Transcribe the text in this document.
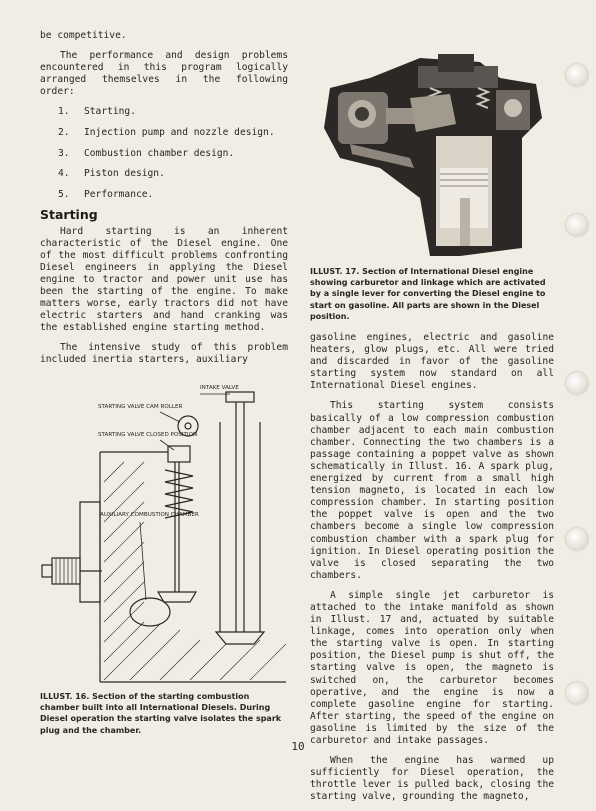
be competitive.

The performance and design problems encountered in this program logically arranged themselves in the following order:

1.	Starting.
2.	Injection pump and nozzle design.
3.	Combustion chamber design.
4.	Piston design.
5.	Performance.
Starting

Hard starting is an inherent characteristic of the Diesel engine. One of the most difficult problems confronting Diesel engineers in applying the Diesel engine to tractor and power unit use has been the starting of the engine. To make matters worse, early tractors did not have electric starters and hand cranking was the established engine starting method.

The intensive study of this problem included inertia starters, auxiliary

ILLUST. 17. Section of International Diesel engine showing carburetor and linkage which are activated by a single lever for converting the Diesel engine to start on gasoline. All parts are shown in the Diesel position.
INTAKE VALVE
STARTING VALVE CAM ROLLER
STARTING VALVE CLOSED POSITION
AUXILIARY COMBUSTION CHAMBER
ILLUST. 16. Section of the starting combustion chamber built into all International Diesels. During Diesel operation the starting valve isolates the spark plug and the chamber.

gasoline engines, electric and gasoline heaters, glow plugs, etc. All were tried and discarded in favor of the gasoline starting system now standard on all International Diesel engines.

This starting system consists basically of a low compression combustion chamber adjacent to each main combustion chamber. Connecting the two chambers is a passage containing a poppet valve as shown schematically in Illust. 16. A spark plug, energized by current from a small high tension magneto, is located in each low compression chamber. In starting position the poppet valve is open and the two chambers become a single low compression combustion chamber with a spark plug for ignition. In Diesel operating position the valve is closed separating the two chambers.

A simple single jet carburetor is attached to the intake manifold as shown in Illust. 17 and, actuated by suitable linkage, comes into operation only when the starting valve is open. In starting position, the Diesel pump is shut off, the starting valve is open, the magneto is switched on, the carburetor becomes operative, and the engine is now a complete gasoline engine for starting. After starting, the speed of the engine on gasoline is limited by the size of the carburetor and intake passages.

When the engine has warmed up sufficiently for Diesel operation, the throttle lever is pulled back, closing the starting valve, grounding the magneto,

10
